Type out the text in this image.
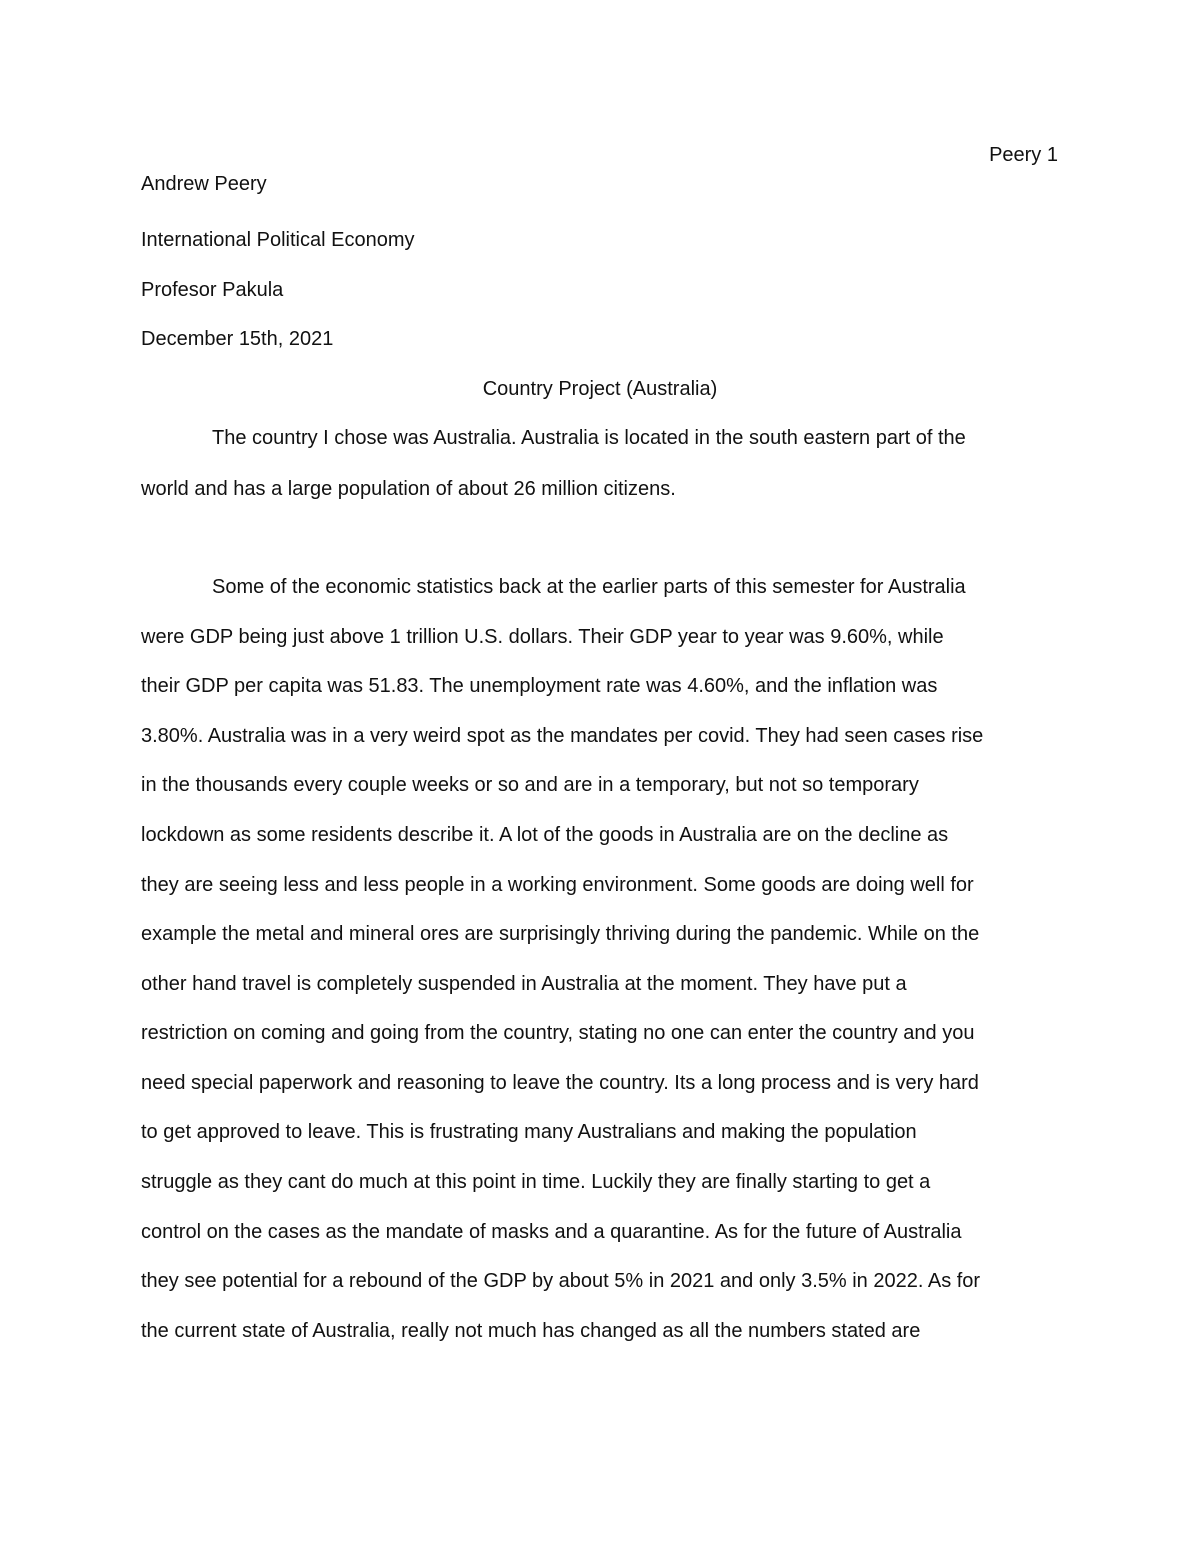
Peery 1
Andrew Peery
International Political Economy
Profesor Pakula
December 15th, 2021
Country Project (Australia)
The country I chose was Australia. Australia is located in the south eastern part of the
world and has a large population of about 26 million citizens.
Some of the economic statistics back at the earlier parts of this semester for Australia
were GDP being just above 1 trillion U.S. dollars. Their GDP year to year was 9.60%, while
their GDP per capita was 51.83. The unemployment rate was 4.60%, and the inflation was
3.80%. Australia was in a very weird spot as the mandates per covid. They had seen cases rise
in the thousands every couple weeks or so and are in a temporary, but not so temporary
lockdown as some residents describe it. A lot of the goods in Australia are on the decline as
they are seeing less and less people in a working environment. Some goods are doing well for
example the metal and mineral ores are surprisingly thriving during the pandemic. While on the
other hand travel is completely suspended in Australia at the moment. They have put a
restriction on coming and going from the country, stating no one can enter the country and you
need special paperwork and reasoning to leave the country. Its a long process and is very hard
to get approved to leave. This is frustrating many Australians and making the population
struggle as they cant do much at this point in time. Luckily they are finally starting to get a
control on the cases as the mandate of masks and a quarantine. As for the future of Australia
they see potential for a rebound of the GDP by about 5% in 2021 and only 3.5% in 2022. As for
the current state of Australia, really not much has changed as all the numbers stated are
